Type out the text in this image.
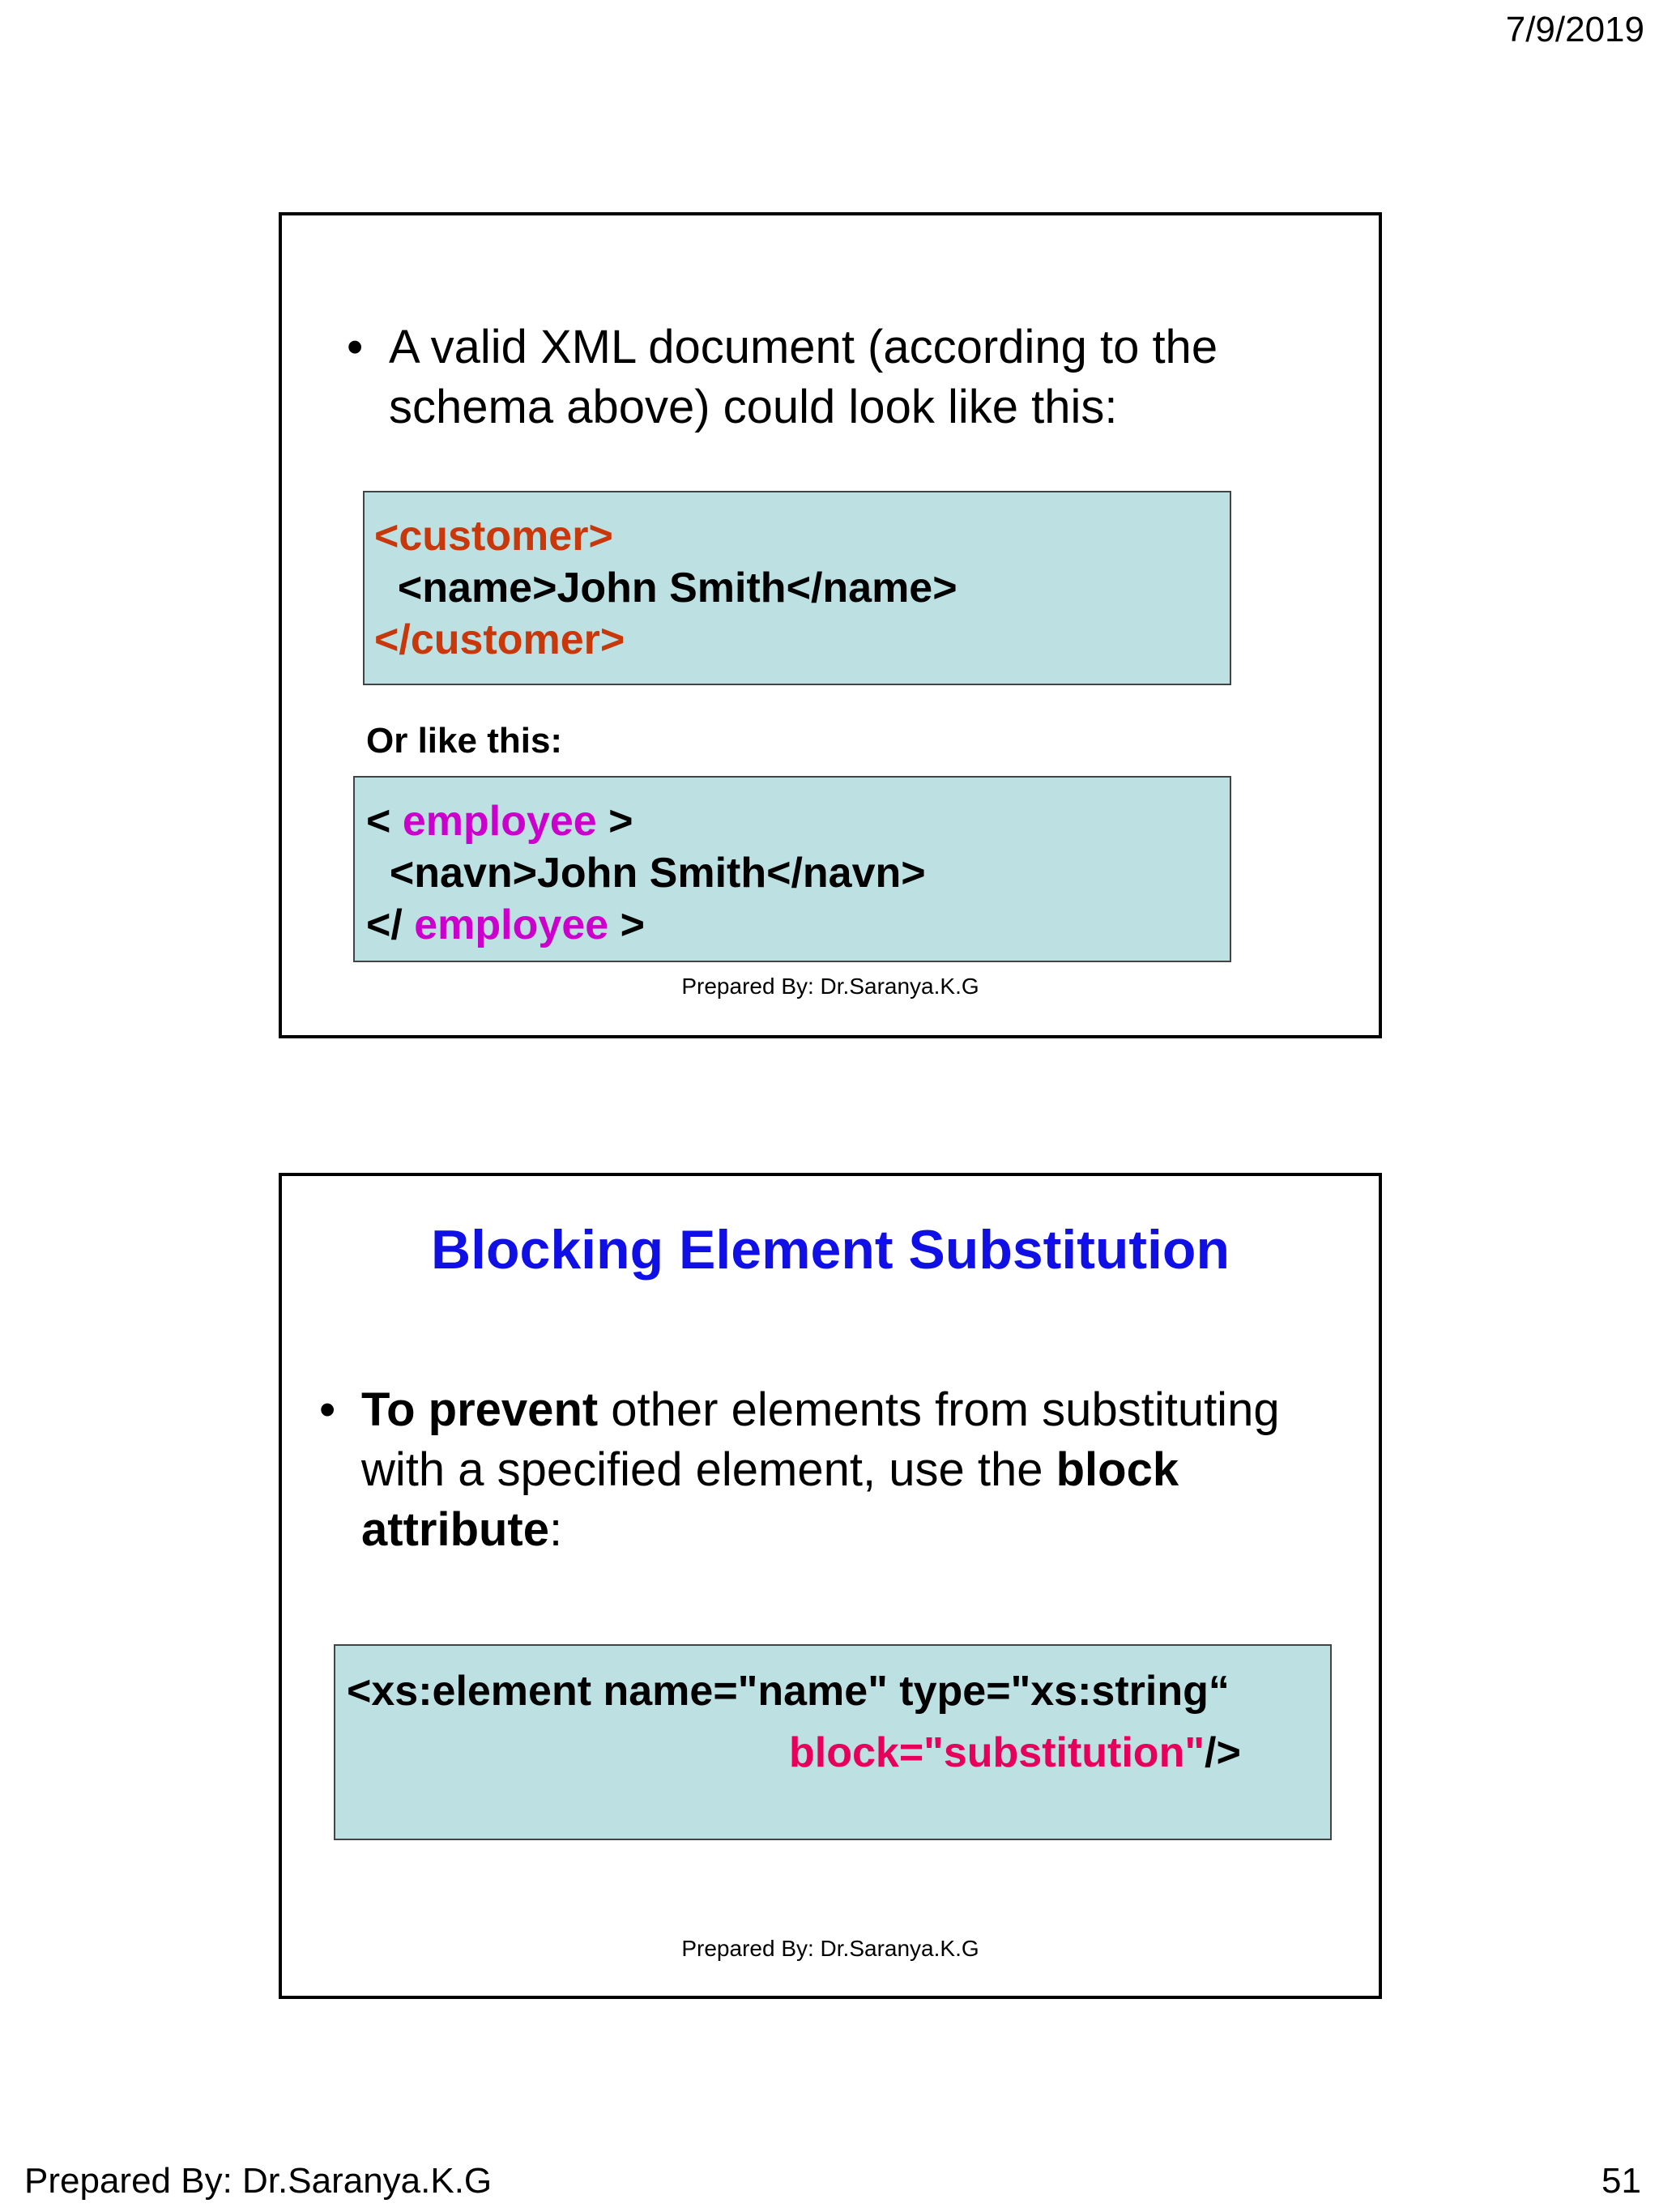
7/9/2019
• A valid XML document (according to the
schema above) could look like this:
<customer>
<name>John Smith</name>
</customer>
Or like this:
< employee >
<navn>John Smith</navn>
</ employee >
Prepared By: Dr.Saranya.K.G
Blocking Element Substitution
• To prevent other elements from substituting
with a specified element, use the block
attribute:
<xs:element name="name" type="xs:string“
block="substitution"/>
Prepared By: Dr.Saranya.K.G
Prepared By: Dr.Saranya.K.G	51
